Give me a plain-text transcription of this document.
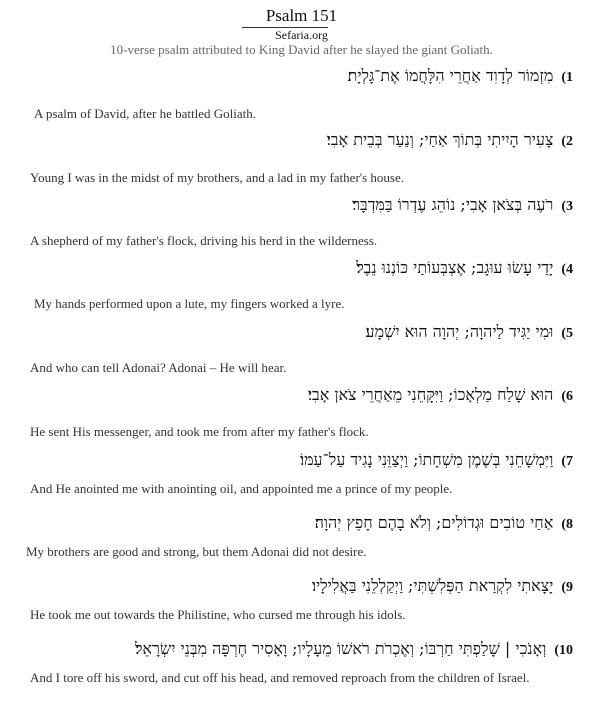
Psalm 151
Sefaria.org
10-verse psalm attributed to King David after he slayed the giant Goliath.
1)מִזְמוֹר לְדָוִד אַחֲרֵי הִלָּחֲמוֹ אֶת־גָּלְיָת׃
A psalm of David, after he battled Goliath.
2)צָעִיר הָיִיתִי בְּתוֹךְ אַחַי; וְנַעַר בְּבֵית אָבִי׃
Young I was in the midst of my brothers, and a lad in my father's house.
3)רֹעֶה בְּצֹאן אָבִי; נוֹהֵג עֶדְרוֹ בַּמִּדְבָּר׃
A shepherd of my father's flock, driving his herd in the wilderness.
4)יָדַי עָשׂוּ עוּגָב; אֶצְבְּעוֹתַי כּוֹנְנוּ נֵבֶל׃
My hands performed upon a lute, my fingers worked a lyre.
5)וּמִי יַגִּיד לַיהוָה; יְהוָה הוּא יִשְׁמָע׃
And who can tell Adonai? Adonai – He will hear.
6)הוּא שָׁלַח מַלְאָכוֹ; וַיִּקָּחֵנִי מֵאַחֲרֵי צֹאן אָבִי׃
He sent His messenger, and took me from after my father's flock.
7)וַיִּמְשָׁחֵנִי בְּשֶׁמֶן מִשְׁחָתוֹ; וַיְצַוֵּנִי נָגִיד עַל־עַמּוֹ׃
And He anointed me with anointing oil, and appointed me a prince of my people.
8)אַחַי טוֹבִים וּגְדוֹלִים; וְלֹא בָהֶם חָפֵץ יְהוָה׃
My brothers are good and strong, but them Adonai did not desire.
9)יָצָאתִי לִקְרַאת הַפְּלִשְׁתִּי; וַיְקַלְלֵנִי בַּאֲלִילָיו׃
He took me out towards the Philistine, who cursed me through his idols.
10)וְאָנֹכִי | שָׁלַפְתִּי חַרְבּוֹ; וְאֶכְרֹת רֹאשׁוֹ מֵעָלָיו; וָאָסִיר חֶרְפָּה מִבְּנֵי יִשְׂרָאֵל׃
And I tore off his sword, and cut off his head, and removed reproach from the children of Israel.
